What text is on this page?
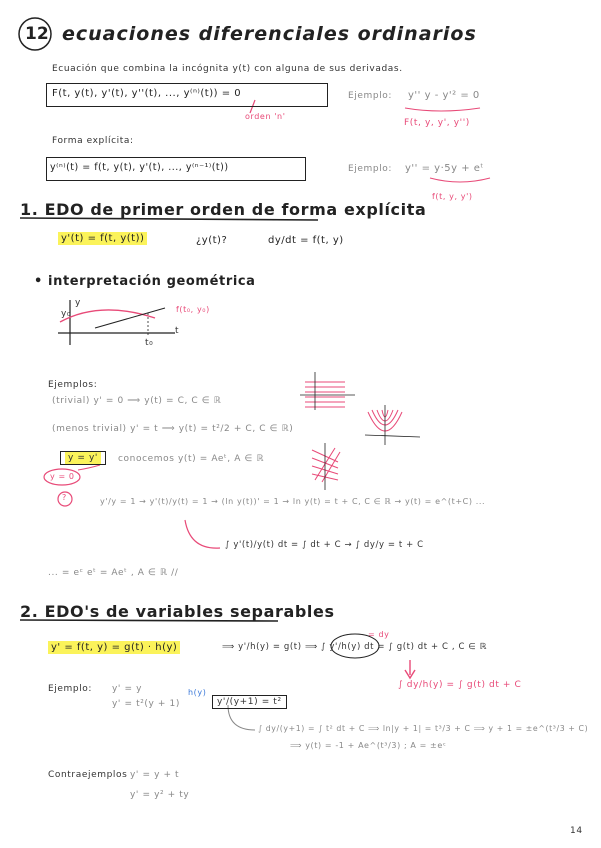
12 ecuaciones diferenciales ordinarios
Ecuación que combina la incógnita y(t) con alguna de sus derivadas.
F(t, y(t), y'(t), y''(t), ..., y⁽ⁿ⁾(t)) = 0
orden 'n'
Ejemplo: y'' y - y'² = 0
F(t, y, y', y'')
Forma explícita:
y⁽ⁿ⁾(t) = f(t, y(t), y'(t), ..., y⁽ⁿ⁻¹⁾(t))	Ejemplo: y'' = y·5y + eᵗ
f(t, y, y')
1. EDO de primer orden de forma explícita
y'(t) = f(t, y(t))	¿y(t)?	dy/dt = f(t, y)
• interpretación geométrica
y₀
y
t
t₀
f(t₀, y₀)
Ejemplos:
(trivial) y' = 0 ⟹ y(t) = C, C ∈ ℝ
(menos trivial) y' = t ⟹ y(t) = t²/2 + C, C ∈ ℝ)
y = y'	conocemos y(t) = Aeᵗ, A ∈ ℝ
y = 0
?	y'/y = 1 → y'(t)/y(t) = 1 → (ln y(t))' = 1 → ln y(t) = t + C, C ∈ ℝ → y(t) = e^(t+C) ...
∫ y'(t)/y(t) dt = ∫ dt + C → ∫ dy/y = t + C
... = eᶜ eᵗ = Aeᵗ , A ∈ ℝ //
2. EDO's de variables separables
y' = f(t, y) = g(t) · h(y)	⟹ y'/h(y) = g(t) ⟹ ∫ y'/h(y) dt = ∫ g(t) dt + C , C ∈ ℝ
= dy
∫ dy/h(y) = ∫ g(t) dt + C
Ejemplo: y' = y
y' = t²(y + 1)
h(y)
y'/(y+1) = t²
∫ dy/(y+1) = ∫ t² dt + C ⟹ ln|y + 1| = t³/3 + C ⟹ y + 1 = ±e^(t³/3 + C)
⟹ y(t) = -1 + Ae^(t³/3) ; A = ±eᶜ
Contraejemplos y' = y + t
y' = y² + ty
14
